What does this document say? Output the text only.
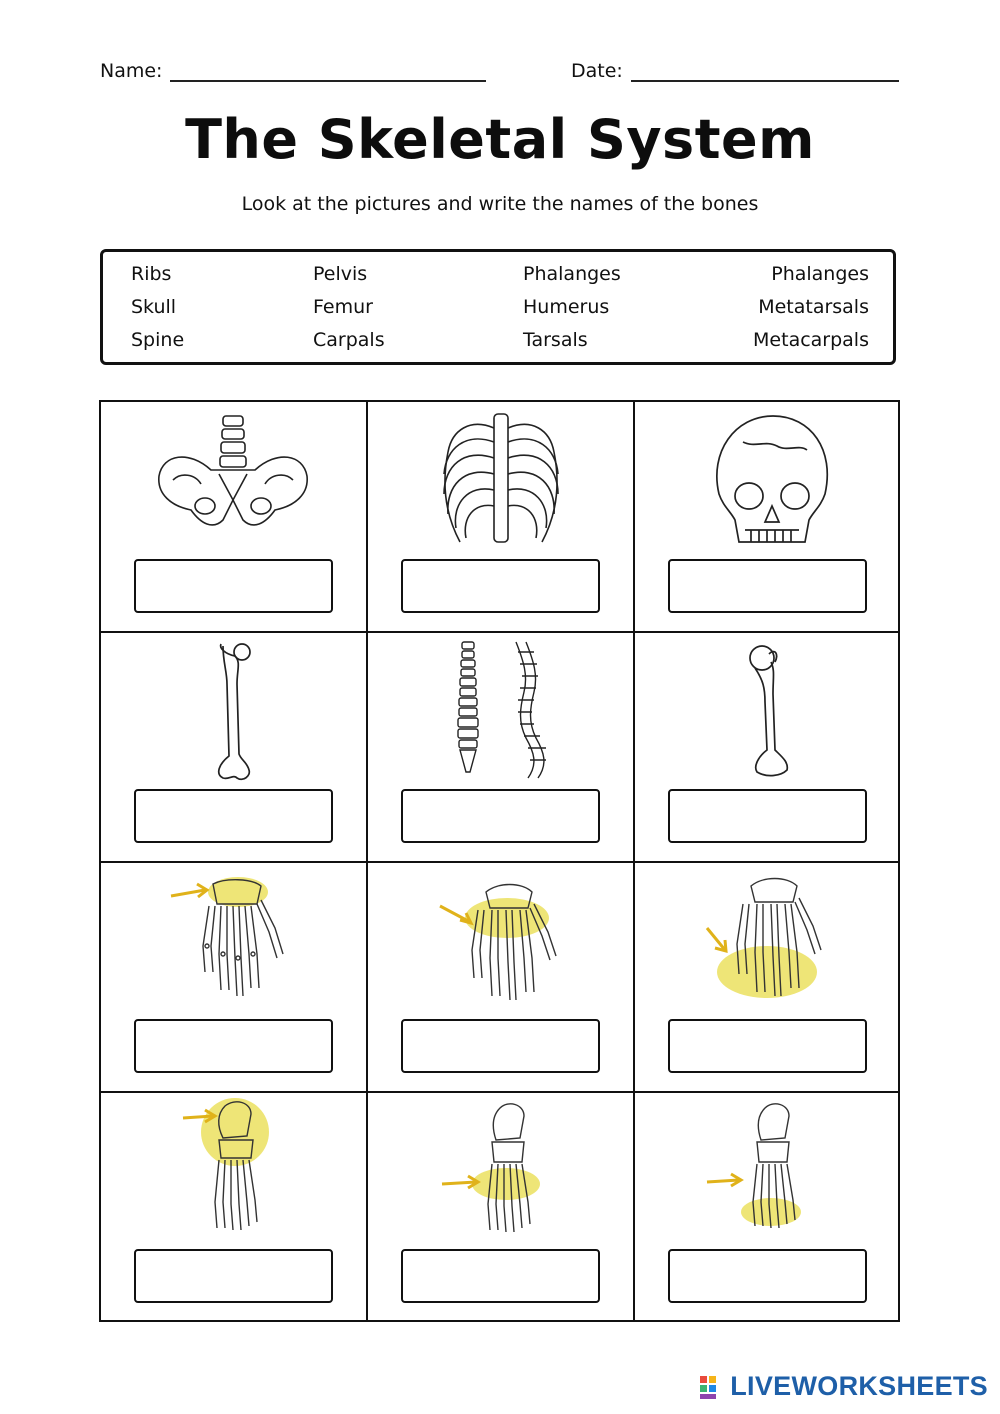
Name:	Date:
The Skeletal System
Look at the pictures and write the names of the bones
Ribs
Skull
Spine
Pelvis
Femur
Carpals
Phalanges
Humerus
Tarsals
Phalanges
Metatarsals
Metacarpals
LIVEWORKSHEETS
